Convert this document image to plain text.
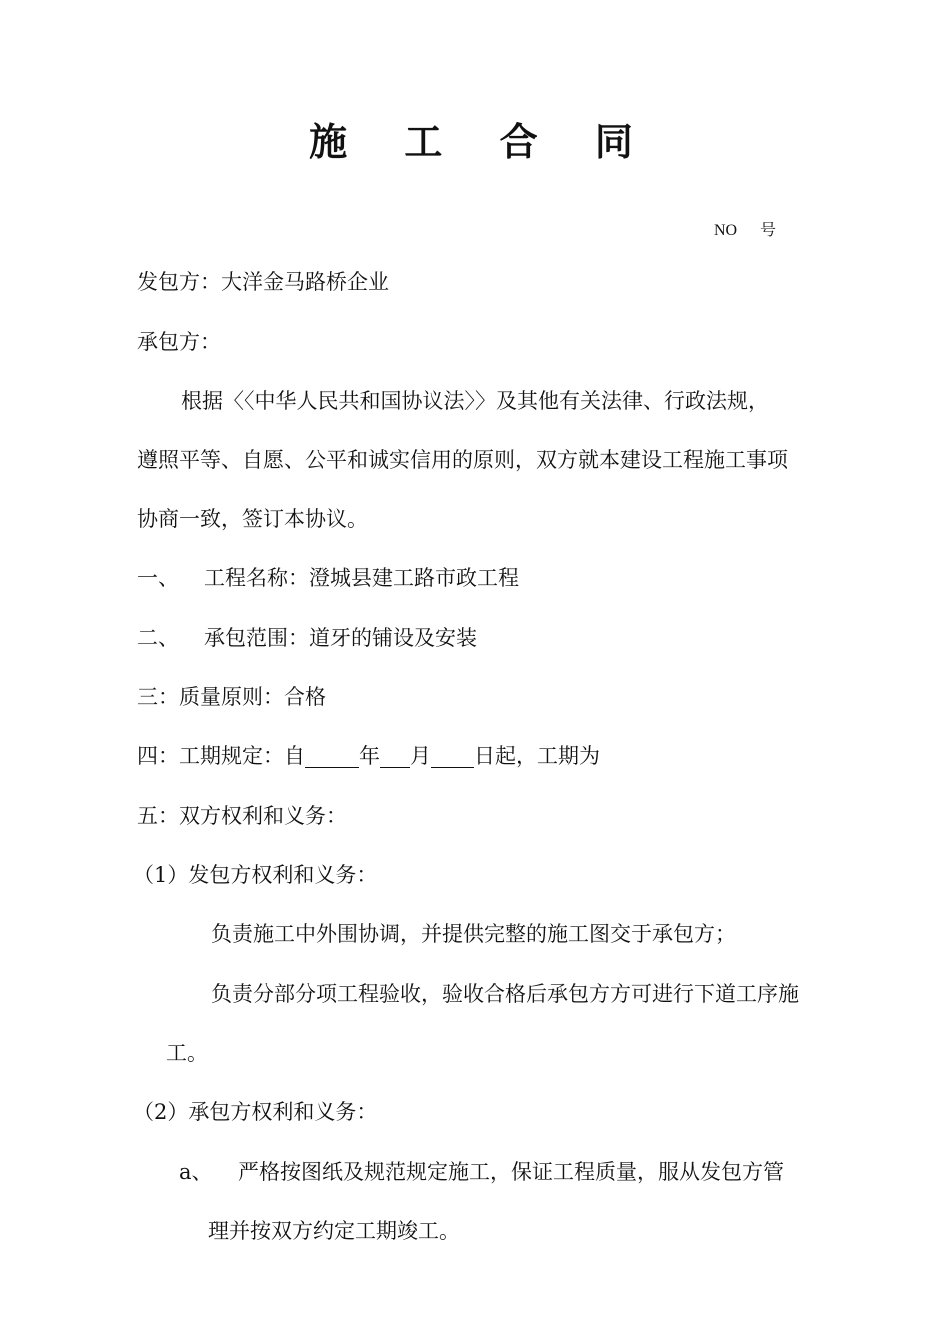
施 工 合 同
NO 号
发包方：大洋金马路桥企业
承包方：
根据〈〈中华人民共和国协议法〉〉及其他有关法律、行政法规，
遵照平等、自愿、公平和诚实信用的原则，双方就本建设工程施工事项
协商一致，签订本协议。
一、 工程名称：澄城县建工路市政工程
二、 承包范围：道牙的铺设及安装
三：质量原则：合格
四：工期规定：自	年 月 日起，工期为
五：双方权利和义务：
（1）发包方权利和义务：
负责施工中外围协调，并提供完整的施工图交于承包方；
负责分部分项工程验收，验收合格后承包方方可进行下道工序施
工。
（2）承包方权利和义务：
a、 严格按图纸及规范规定施工，保证工程质量，服从发包方管
理并按双方约定工期竣工。
